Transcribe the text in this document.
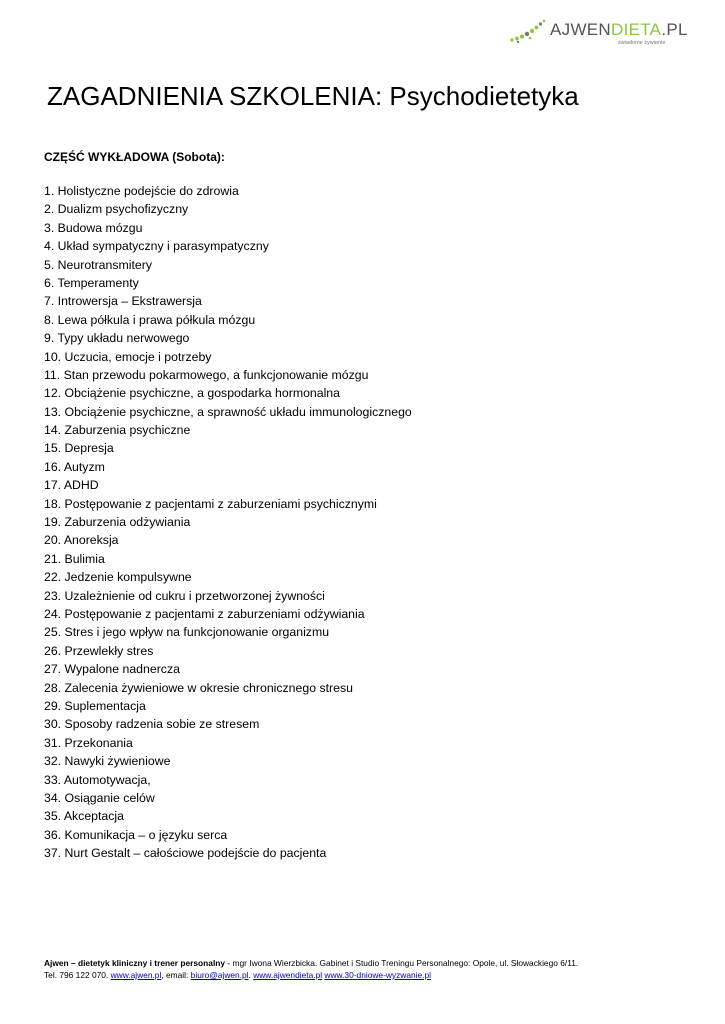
AJWENDIETA.PL
świadome żywienie
ZAGADNIENIA SZKOLENIA: Psychodietetyka
CZĘŚĆ WYKŁADOWA (Sobota):
1. Holistyczne podejście do zdrowia
2. Dualizm psychofizyczny
3. Budowa mózgu
4. Układ sympatyczny i parasympatyczny
5. Neurotransmitery
6. Temperamenty
7. Introwersja – Ekstrawersja
8. Lewa półkula i prawa półkula mózgu
9. Typy układu nerwowego
10. Uczucia, emocje i potrzeby
11. Stan przewodu pokarmowego, a funkcjonowanie mózgu
12. Obciążenie psychiczne, a gospodarka hormonalna
13. Obciążenie psychiczne, a sprawność układu immunologicznego
14. Zaburzenia psychiczne
15. Depresja
16. Autyzm
17. ADHD
18. Postępowanie z pacjentami z zaburzeniami psychicznymi
19. Zaburzenia odżywiania
20. Anoreksja
21. Bulimia
22. Jedzenie kompulsywne
23. Uzależnienie od cukru i przetworzonej żywności
24. Postępowanie z pacjentami z zaburzeniami odżywiania
25. Stres i jego wpływ na funkcjonowanie organizmu
26. Przewlekły stres
27. Wypalone nadnercza
28. Zalecenia żywieniowe w okresie chronicznego stresu
29. Suplementacja
30. Sposoby radzenia sobie ze stresem
31. Przekonania
32. Nawyki żywieniowe
33. Automotywacja,
34. Osiąganie celów
35. Akceptacja
36. Komunikacja – o języku serca
37. Nurt Gestalt – całościowe podejście do pacjenta
Ajwen – dietetyk kliniczny i trener personalny - mgr Iwona Wierzbicka. Gabinet i Studio Treningu Personalnego: Opole, ul. Słowackiego 6/11.
Tel. 796 122 070. www.ajwen.pl, email: biuro@ajwen.pl. www.ajwendieta.pl www.30-dniowe-wyzwanie.pl
